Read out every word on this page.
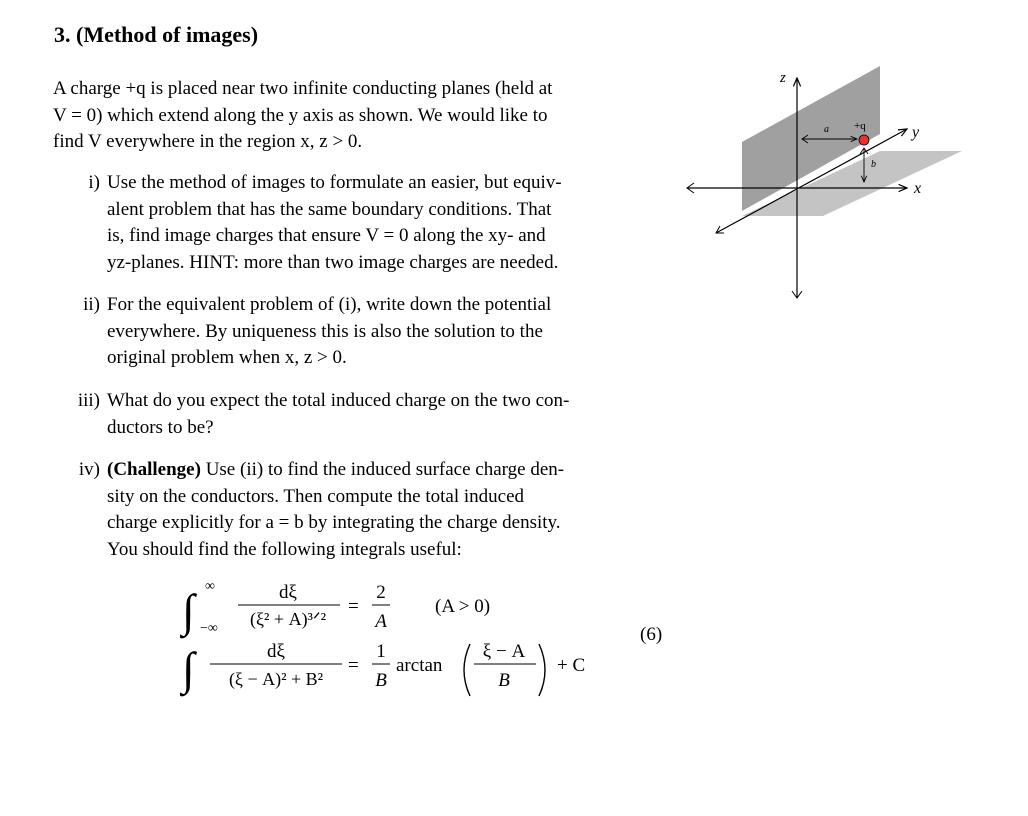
3. (Method of images)
A charge +q is placed near two infinite conducting planes (held at
V = 0) which extend along the y axis as shown. We would like to
find V everywhere in the region x, z > 0.
i) Use the method of images to formulate an easier, but equiv-
alent problem that has the same boundary conditions. That
is, find image charges that ensure V = 0 along the xy- and
yz-planes. HINT: more than two image charges are needed.
ii) For the equivalent problem of (i), write down the potential
everywhere. By uniqueness this is also the solution to the
original problem when x, z > 0.
iii) What do you expect the total induced charge on the two con-
ductors to be?
iv) (Challenge) Use (ii) to find the induced surface charge den-
sity on the conductors. Then compute the total induced
charge explicitly for a = b by integrating the charge density.
You should find the following integrals useful:
∫ ∞
−∞
dξ
(ξ² + A)³ᐟ²
=
2
A
(A > 0)
∫	dξ
(ξ − A)² + B²
=
1
B
arctan
ξ − A
B
+ C
(6)
z
y
x
a
b
+q
